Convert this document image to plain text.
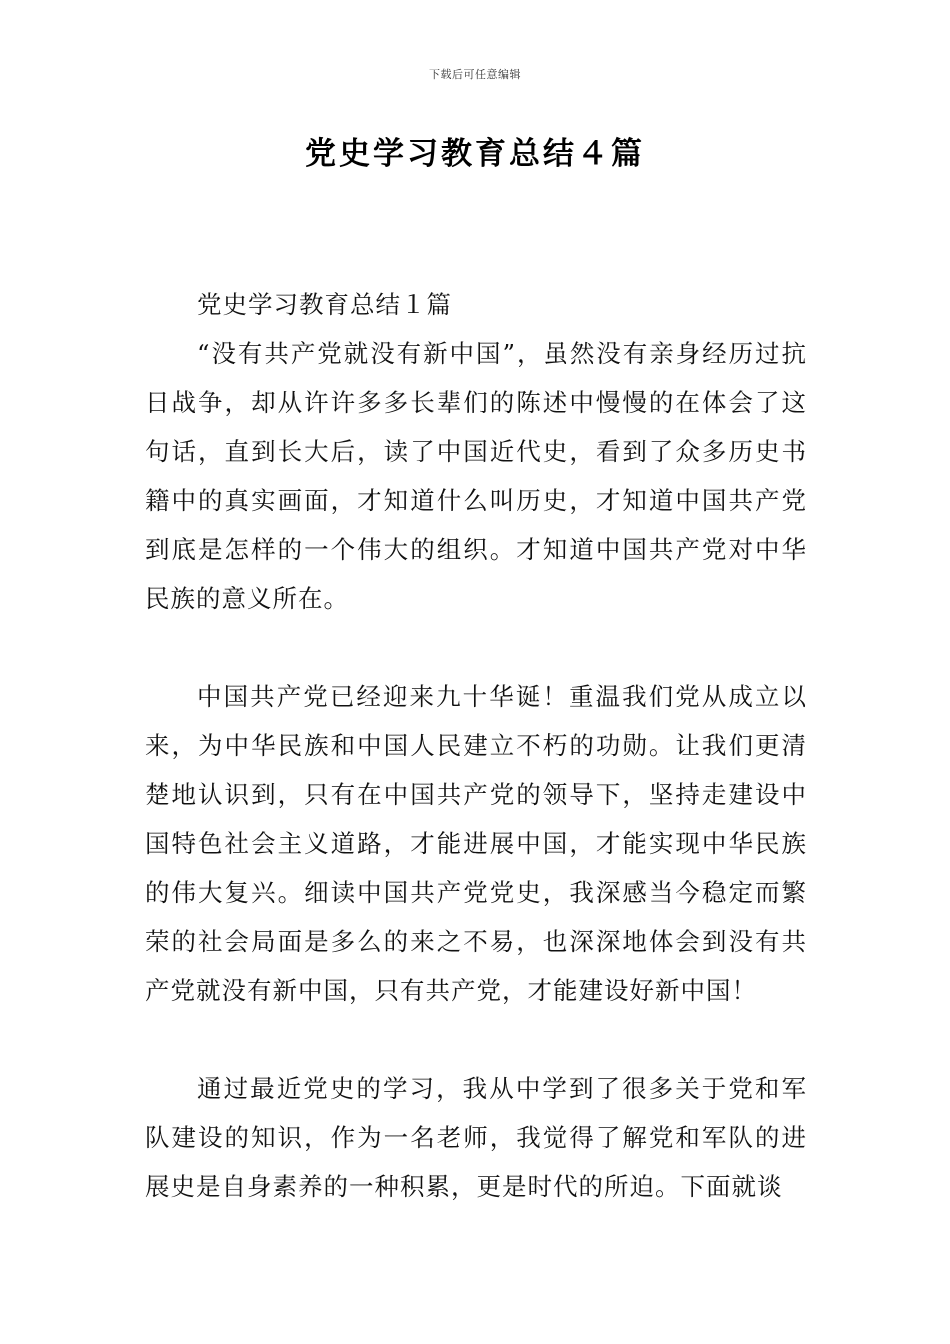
下载后可任意编辑
党史学习教育总结４篇

党史学习教育总结１篇

“没有共产党就没有新中国”，虽然没有亲身经历过抗日战争，却从许许多多长辈们的陈述中慢慢的在体会了这句话，直到长大后，读了中国近代史，看到了众多历史书籍中的真实画面，才知道什么叫历史，才知道中国共产党到底是怎样的一个伟大的组织。才知道中国共产党对中华民族的意义所在。

中国共产党已经迎来九十华诞！重温我们党从成立以来，为中华民族和中国人民建立不朽的功勋。让我们更清楚地认识到，只有在中国共产党的领导下，坚持走建设中国特色社会主义道路，才能进展中国，才能实现中华民族的伟大复兴。细读中国共产党党史，我深感当今稳定而繁荣的社会局面是多么的来之不易，也深深地体会到没有共产党就没有新中国，只有共产党，才能建设好新中国！

通过最近党史的学习，我从中学到了很多关于党和军队建设的知识，作为一名老师，我觉得了解党和军队的进展史是自身素养的一种积累，更是时代的所迫。下面就谈
